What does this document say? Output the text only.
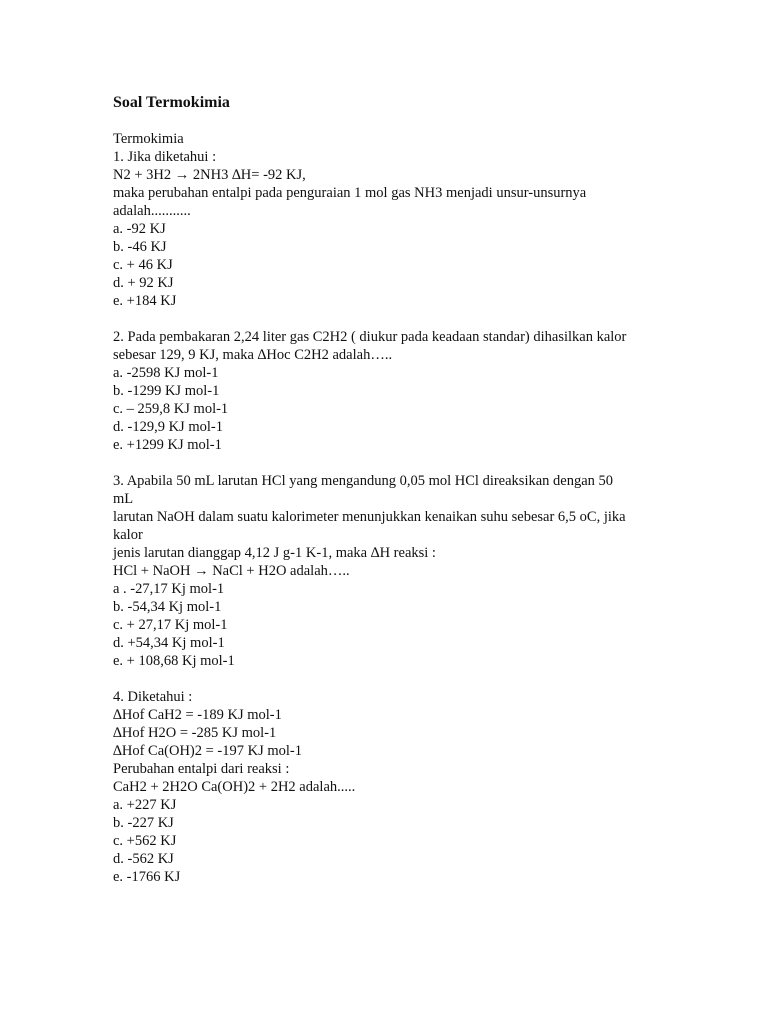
Soal Termokimia

Termokimia

1. Jika diketahui :

N2 + 3H2 → 2NH3 ∆H= -92 KJ,

maka perubahan entalpi pada penguraian 1 mol gas NH3 menjadi unsur-unsurnya

adalah...........

a. -92 KJ

b. -46 KJ

c. + 46 KJ

d. + 92 KJ

e. +184 KJ

2. Pada pembakaran 2,24 liter gas C2H2 ( diukur pada keadaan standar) dihasilkan kalor

sebesar 129, 9 KJ, maka ∆Hoc C2H2 adalah…..

a. -2598 KJ mol-1

b. -1299 KJ mol-1

c. – 259,8 KJ mol-1

d. -129,9 KJ mol-1

e. +1299 KJ mol-1

3. Apabila 50 mL larutan HCl yang mengandung 0,05 mol HCl direaksikan dengan 50

mL

larutan NaOH dalam suatu kalorimeter menunjukkan kenaikan suhu sebesar 6,5 oC, jika

kalor

jenis larutan dianggap 4,12 J g-1 K-1, maka ∆H reaksi :

HCl + NaOH → NaCl + H2O adalah…..

a . -27,17 Kj mol-1

b. -54,34 Kj mol-1

c. + 27,17 Kj mol-1

d. +54,34 Kj mol-1

e. + 108,68 Kj mol-1

4. Diketahui :

∆Hof CaH2 = -189 KJ mol-1

∆Hof H2O = -285 KJ mol-1

∆Hof Ca(OH)2 = -197 KJ mol-1

Perubahan entalpi dari reaksi :

CaH2 + 2H2O Ca(OH)2 + 2H2 adalah.....

a. +227 KJ

b. -227 KJ

c. +562 KJ

d. -562 KJ

e. -1766 KJ
